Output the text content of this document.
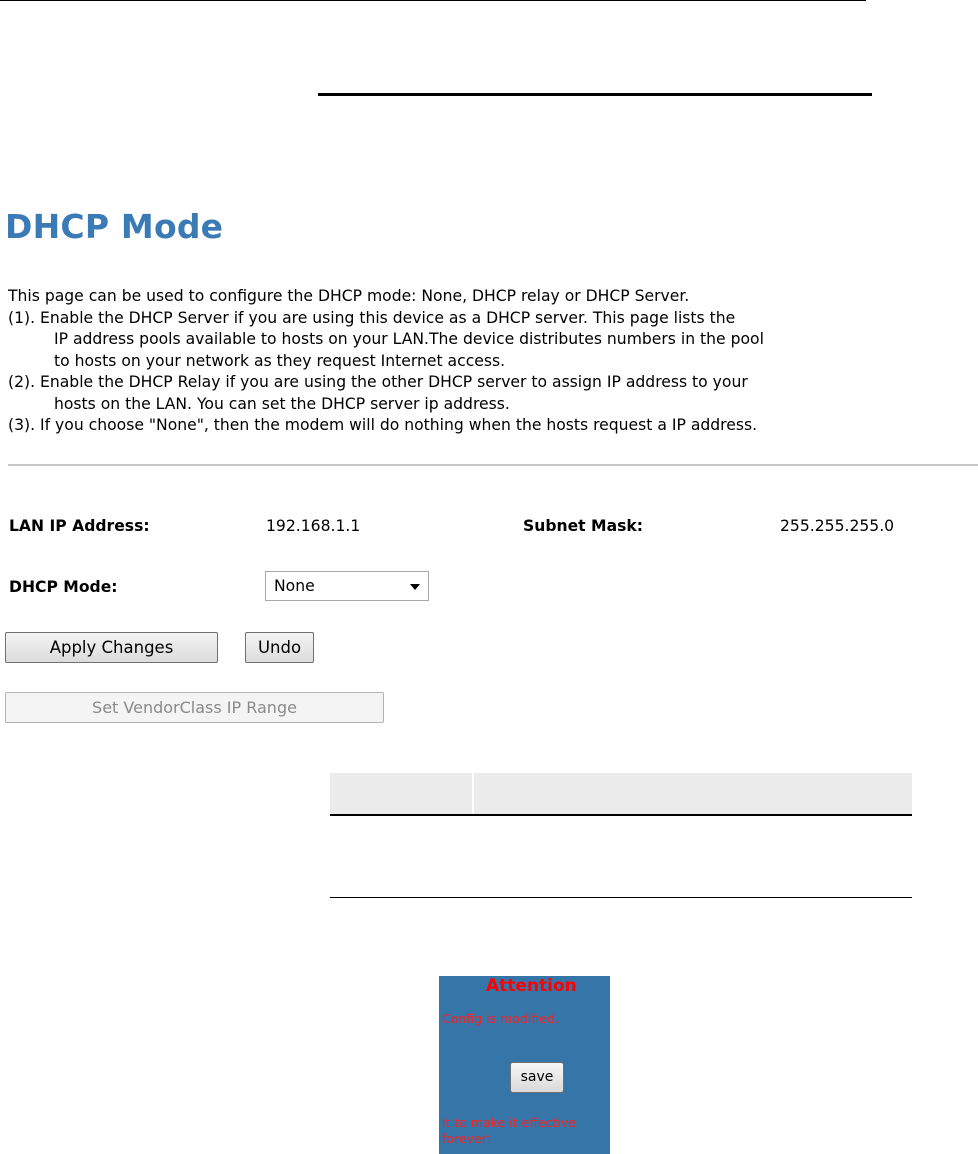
DHCP Mode

This page can be used to configure the DHCP mode: None, DHCP relay or DHCP Server.

(1). Enable the DHCP Server if you are using this device as a DHCP server. This page lists the

IP address pools available to hosts on your LAN.The device distributes numbers in the pool

to hosts on your network as they request Internet access.

(2). Enable the DHCP Relay if you are using the other DHCP server to assign IP address to your

hosts on the LAN. You can set the DHCP server ip address.

(3). If you choose "None", then the modem will do nothing when the hosts request a IP address.

LAN IP Address:	192.168.1.1	Subnet Mask:	255.255.255.0
DHCP Mode:	None
Apply Changes	Undo
Set VendorClass IP Range
Attention
Config is modified.
save
it to make it effective forever!
